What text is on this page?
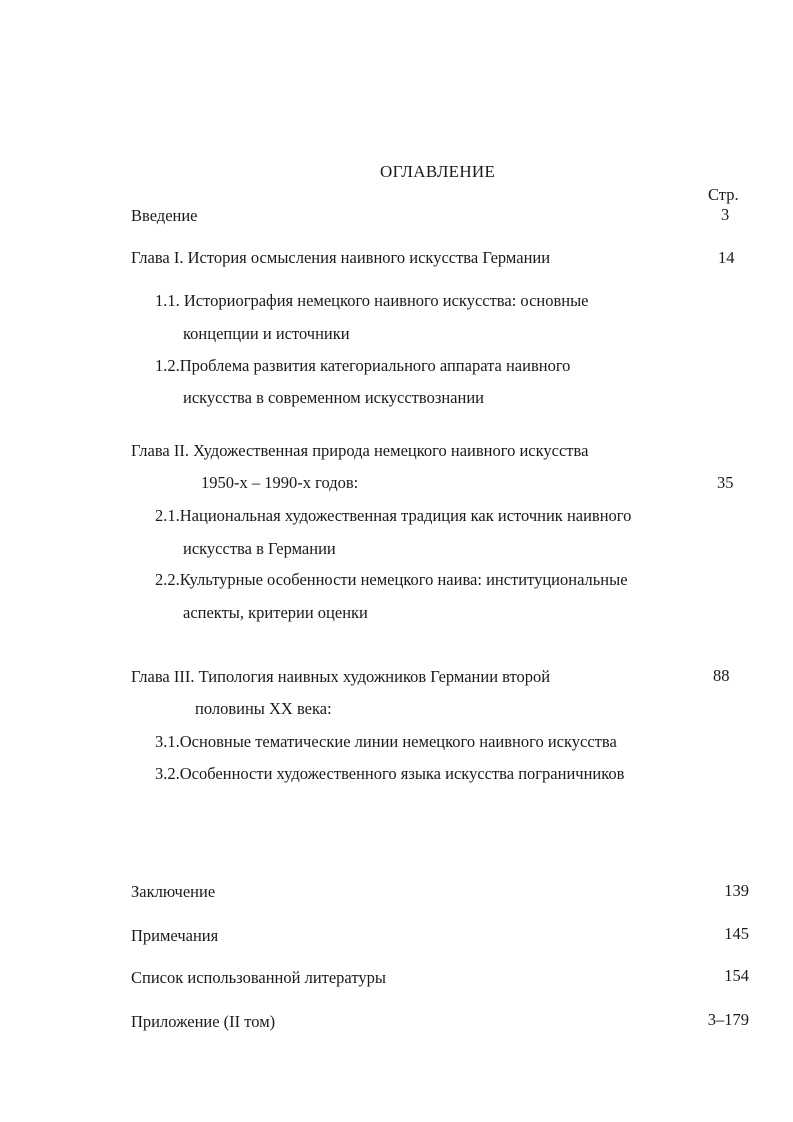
ОГЛАВЛЕНИЕ

Стр.

Введение	3

Глава I. История осмысления наивного искусства Германии	14

1.1. Историография немецкого наивного искусства: основные

концепции и источники

1.2.Проблема развития категориального аппарата наивного

искусства в современном искусствознании

Глава II. Художественная природа немецкого наивного искусства

1950-х – 1990-х годов:	35

2.1.Национальная художественная традиция как источник наивного

искусства в Германии

2.2.Культурные особенности немецкого наива: институциональные

аспекты, критерии оценки

Глава III. Типология наивных художников Германии второй	88

половины XX века:

3.1.Основные тематические линии немецкого наивного искусства

3.2.Особенности художественного языка искусства пограничников

Заключение	139

Примечания	145

Список использованной литературы	154

Приложение (II том)	3–179
